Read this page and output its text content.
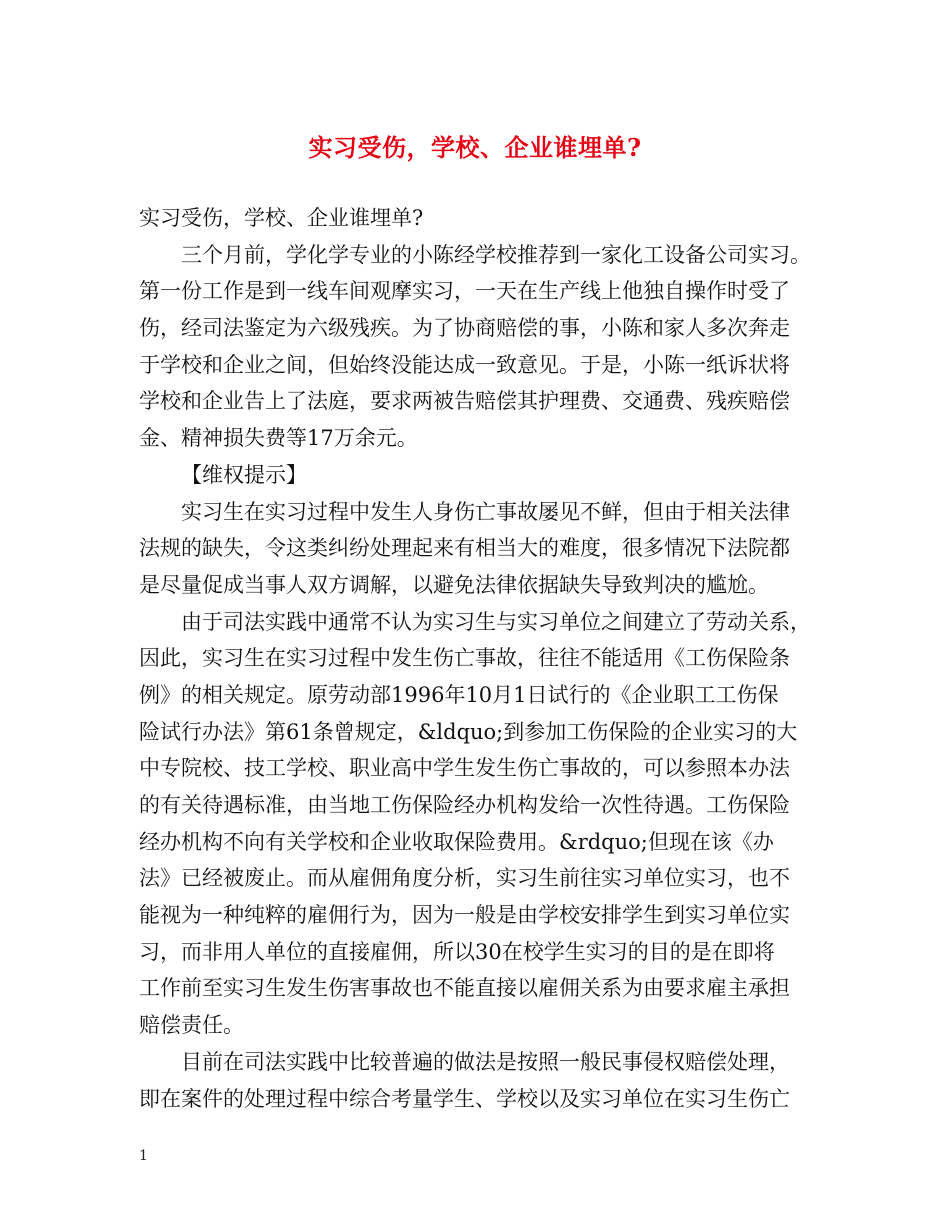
实习受伤，学校、企业谁埋单?
实习受伤，学校、企业谁埋单?
三个月前，学化学专业的小陈经学校推荐到一家化工设备公司实习。
第一份工作是到一线车间观摩实习，一天在生产线上他独自操作时受了
伤，经司法鉴定为六级残疾。为了协商赔偿的事，小陈和家人多次奔走
于学校和企业之间，但始终没能达成一致意见。于是，小陈一纸诉状将
学校和企业告上了法庭，要求两被告赔偿其护理费、交通费、残疾赔偿
金、精神损失费等17万余元。
【维权提示】
实习生在实习过程中发生人身伤亡事故屡见不鲜，但由于相关法律
法规的缺失，令这类纠纷处理起来有相当大的难度，很多情况下法院都
是尽量促成当事人双方调解，以避免法律依据缺失导致判决的尴尬。
由于司法实践中通常不认为实习生与实习单位之间建立了劳动关系，
因此，实习生在实习过程中发生伤亡事故，往往不能适用《工伤保险条
例》的相关规定。原劳动部1996年10月1日试行的《企业职工工伤保
险试行办法》第61条曾规定，&ldquo;到参加工伤保险的企业实习的大
中专院校、技工学校、职业高中学生发生伤亡事故的，可以参照本办法
的有关待遇标准，由当地工伤保险经办机构发给一次性待遇。工伤保险
经办机构不向有关学校和企业收取保险费用。&rdquo;但现在该《办
法》已经被废止。而从雇佣角度分析，实习生前往实习单位实习，也不
能视为一种纯粹的雇佣行为，因为一般是由学校安排学生到实习单位实
习，而非用人单位的直接雇佣，所以30在校学生实习的目的是在即将
工作前至实习生发生伤害事故也不能直接以雇佣关系为由要求雇主承担
赔偿责任。
目前在司法实践中比较普遍的做法是按照一般民事侵权赔偿处理，
即在案件的处理过程中综合考量学生、学校以及实习单位在实习生伤亡
1
